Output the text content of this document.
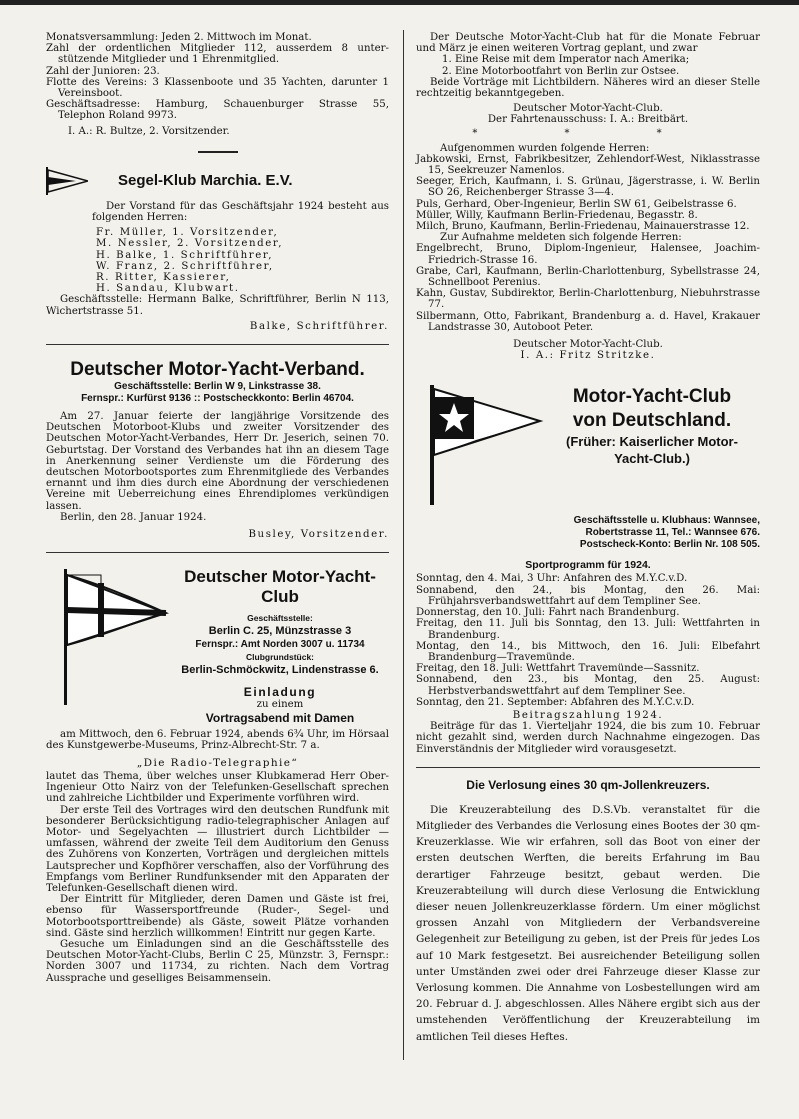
Monatsversammlung: Jeden 2. Mittwoch im Monat.

Zahl der ordentlichen Mitglieder 112, ausserdem 8 unter-stützende Mitglieder und 1 Ehrenmitglied.

Zahl der Junioren: 23.

Flotte des Vereins: 3 Klassenboote und 35 Yachten, darunter 1 Vereinsboot.

Geschäftsadresse: Hamburg, Schauenburger Strasse 55, Telephon Roland 9973.

I. A.: R. Bultze, 2. Vorsitzender.

Segel-Klub Marchia. E.V.

Der Vorstand für das Geschäftsjahr 1924 besteht aus folgenden Herren:

Fr. Müller, 1. Vorsitzender,

M. Nessler, 2. Vorsitzender,

H. Balke, 1. Schriftführer,

W. Franz, 2. Schriftführer,

R. Ritter, Kassierer,

H. Sandau, Klubwart.

Geschäftsstelle: Hermann Balke, Schriftführer, Berlin N 113, Wichertstrasse 51.

Balke, Schriftführer.

Deutscher Motor-Yacht-Verband.
Geschäftsstelle: Berlin W 9, Linkstrasse 38.
Fernspr.: Kurfürst 9136 :: Postscheckkonto: Berlin 46704.

Am 27. Januar feierte der langjährige Vorsitzende des Deutschen Motorboot-Klubs und zweiter Vorsitzender des Deutschen Motor-Yacht-Verbandes, Herr Dr. Jeserich, seinen 70. Geburtstag. Der Vorstand des Verbandes hat ihn an diesem Tage in Anerkennung seiner Verdienste um die Förderung des deutschen Motorbootsportes zum Ehrenmitgliede des Verbandes ernannt und ihm dies durch eine Abordnung der verschiedenen Vereine mit Ueberreichung eines Ehrendiplomes verkündigen lassen.

Berlin, den 28. Januar 1924.

Busley, Vorsitzender.

Deutscher Motor-Yacht-Club
Geschäftsstelle:
Berlin C. 25, Münzstrasse 3
Fernspr.: Amt Norden 3007 u. 11734
Clubgrundstück:
Berlin-Schmöckwitz, Lindenstrasse 6.
Einladung
zu einem
Vortragsabend mit Damen

am Mittwoch, den 6. Februar 1924, abends 6¾ Uhr, im Hörsaal des Kunstgewerbe-Museums, Prinz-Albrecht-Str. 7 a.

„Die Radio-Telegraphie“

lautet das Thema, über welches unser Klubkamerad Herr Ober-Ingenieur Otto Nairz von der Telefunken-Gesellschaft sprechen und zahlreiche Lichtbilder und Experimente vorführen wird.

Der erste Teil des Vortrages wird den deutschen Rundfunk mit besonderer Berücksichtigung radio-telegraphischer Anlagen auf Motor- und Segelyachten — illustriert durch Lichtbilder — umfassen, während der zweite Teil dem Auditorium den Genuss des Zuhörens von Konzerten, Vorträgen und dergleichen mittels Lautsprecher und Kopfhörer verschaffen, also der Vorführung des Empfangs vom Berliner Rundfunksender mit den Apparaten der Telefunken-Gesellschaft dienen wird.

Der Eintritt für Mitglieder, deren Damen und Gäste ist frei, ebenso für Wassersportfreunde (Ruder-, Segel- und Motorbootsporttreibende) als Gäste, soweit Plätze vorhanden sind. Gäste sind herzlich willkommen! Eintritt nur gegen Karte.

Gesuche um Einladungen sind an die Geschäftsstelle des Deutschen Motor-Yacht-Clubs, Berlin C 25, Münzstr. 3, Fernspr.: Norden 3007 und 11734, zu richten. Nach dem Vortrag Aussprache und geselliges Beisammensein.

Der Deutsche Motor-Yacht-Club hat für die Monate Februar und März je einen weiteren Vortrag geplant, und zwar

1. Eine Reise mit dem Imperator nach Amerika;

2. Eine Motorbootfahrt von Berlin zur Ostsee.

Beide Vorträge mit Lichtbildern. Näheres wird an dieser Stelle rechtzeitig bekanntgegeben.

Deutscher Motor-Yacht-Club.

Der Fahrtenausschuss: I. A.: Breitbärt.

* * *

Aufgenommen wurden folgende Herren:

Jabkowski, Ernst, Fabrikbesitzer, Zehlendorf-West, Niklasstrasse 15, Seekreuzer Namenlos.

Seeger, Erich, Kaufmann, i. S. Grünau, Jägerstrasse, i. W. Berlin SO 26, Reichenberger Strasse 3—4.

Puls, Gerhard, Ober-Ingenieur, Berlin SW 61, Geibelstrasse 6.

Müller, Willy, Kaufmann Berlin-Friedenau, Begasstr. 8.

Milch, Bruno, Kaufmann, Berlin-Friedenau, Mainauerstrasse 12.

Zur Aufnahme meldeten sich folgende Herren:

Engelbrecht, Bruno, Diplom-Ingenieur, Halensee, Joachim-Friedrich-Strasse 16.

Grabe, Carl, Kaufmann, Berlin-Charlottenburg, Sybellstrasse 24, Schnellboot Perenius.

Kahn, Gustav, Subdirektor, Berlin-Charlottenburg, Niebuhrstrasse 77.

Silbermann, Otto, Fabrikant, Brandenburg a. d. Havel, Krakauer Landstrasse 30, Autoboot Peter.

Deutscher Motor-Yacht-Club.

I. A.: Fritz Stritzke.

Motor-Yacht-Club
von Deutschland.
(Früher: Kaiserlicher Motor-
Yacht-Club.)
Geschäftsstelle u. Klubhaus: Wannsee,
Robertstrasse 11, Tel.: Wannsee 676.
Postscheck-Konto: Berlin Nr. 108 505.
Sportprogramm für 1924.

Sonntag, den 4. Mai, 3 Uhr: Anfahren des M.Y.C.v.D.

Sonnabend, den 24., bis Montag, den 26. Mai: Frühjahrsverbandswettfahrt auf dem Templiner See.

Donnerstag, den 10. Juli: Fahrt nach Brandenburg.

Freitag, den 11. Juli bis Sonntag, den 13. Juli: Wettfahrten in Brandenburg.

Montag, den 14., bis Mittwoch, den 16. Juli: Elbefahrt Brandenburg—Travemünde.

Freitag, den 18. Juli: Wettfahrt Travemünde—Sassnitz.

Sonnabend, den 23., bis Montag, den 25. August: Herbstverbandswettfahrt auf dem Templiner See.

Sonntag, den 21. September: Abfahren des M.Y.C.v.D.

Beitragszahlung 1924.

Beiträge für das 1. Vierteljahr 1924, die bis zum 10. Februar nicht gezahlt sind, werden durch Nachnahme eingezogen. Das Einverständnis der Mitglieder wird vorausgesetzt.

Die Verlosung eines 30 qm-Jollenkreuzers.

Die Kreuzerabteilung des D.S.Vb. veranstaltet für die Mitglieder des Verbandes die Verlosung eines Bootes der 30 qm-Kreuzerklasse. Wie wir erfahren, soll das Boot von einer der ersten deutschen Werften, die bereits Erfahrung im Bau derartiger Fahrzeuge besitzt, gebaut werden. Die Kreuzerabteilung will durch diese Verlosung die Entwicklung dieser neuen Jollenkreuzerklasse fördern. Um einer möglichst grossen Anzahl von Mitgliedern der Verbandsvereine Gelegenheit zur Beteiligung zu geben, ist der Preis für jedes Los auf 10 Mark festgesetzt. Bei ausreichender Beteiligung sollen unter Umständen zwei oder drei Fahrzeuge dieser Klasse zur Verlosung kommen. Die Annahme von Losbestellungen wird am 20. Februar d. J. abgeschlossen. Alles Nähere ergibt sich aus der umstehenden Veröffentlichung der Kreuzerabteilung im amtlichen Teil dieses Heftes.
